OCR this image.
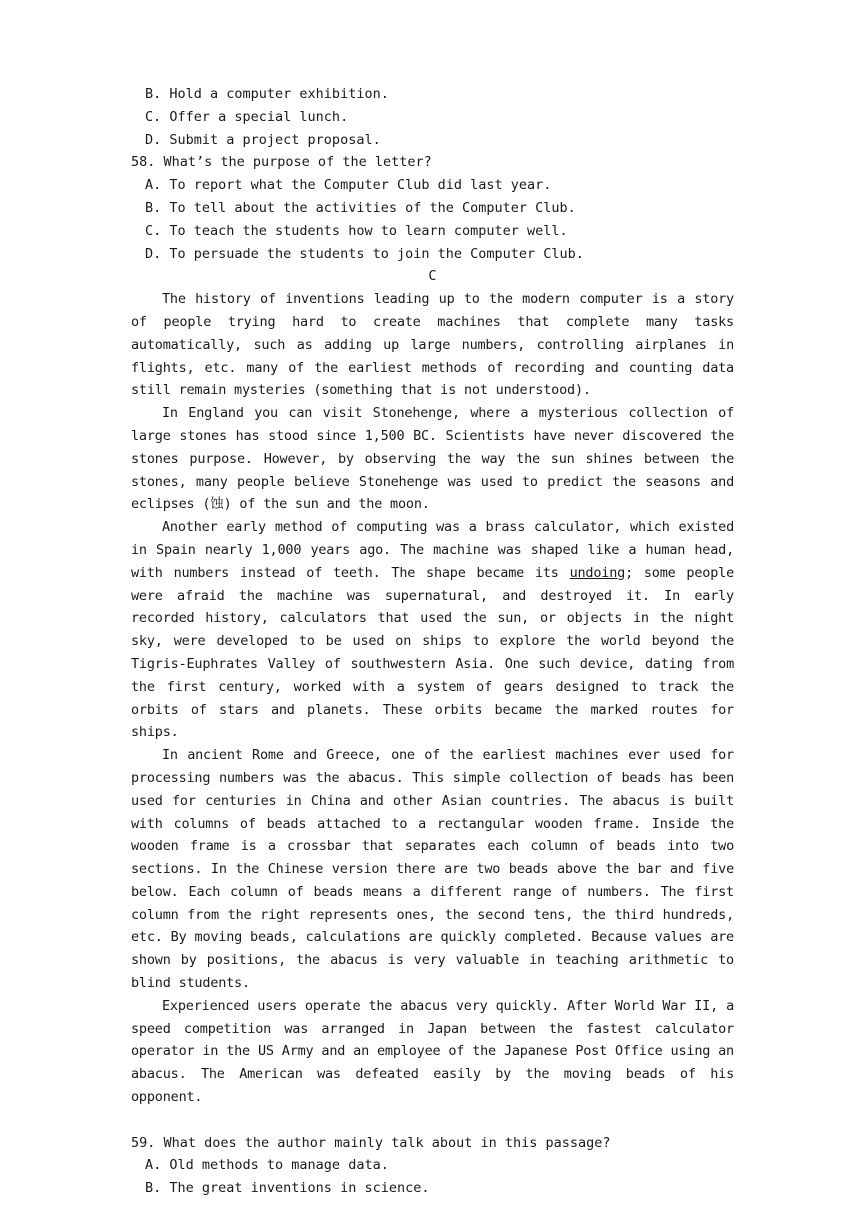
B. Hold a computer exhibition.
C. Offer a special lunch.
D. Submit a project proposal.
58. What’s the purpose of the letter?
A. To report what the Computer Club did last year.
B. To tell about the activities of the Computer Club.
C. To teach the students how to learn computer well.
D. To persuade the students to join the Computer Club.
C

The history of inventions leading up to the modern computer is a story of people trying hard to create machines that complete many tasks automatically, such as adding up large numbers, controlling airplanes in flights, etc. many of the earliest methods of recording and counting data still remain mysteries (something that is not understood).

In England you can visit Stonehenge, where a mysterious collection of large stones has stood since 1,500 BC. Scientists have never discovered the stones purpose. However, by observing the way the sun shines between the stones, many people believe Stonehenge was used to predict the seasons and eclipses (蚀) of the sun and the moon.

Another early method of computing was a brass calculator, which existed in Spain nearly 1,000 years ago. The machine was shaped like a human head, with numbers instead of teeth. The shape became its undoing; some people were afraid the machine was supernatural, and destroyed it. In early recorded history, calculators that used the sun, or objects in the night sky, were developed to be used on ships to explore the world beyond the Tigris-Euphrates Valley of southwestern Asia. One such device, dating from the first century, worked with a system of gears designed to track the orbits of stars and planets. These orbits became the marked routes for ships.

In ancient Rome and Greece, one of the earliest machines ever used for processing numbers was the abacus. This simple collection of beads has been used for centuries in China and other Asian countries. The abacus is built with columns of beads attached to a rectangular wooden frame. Inside the wooden frame is a crossbar that separates each column of beads into two sections. In the Chinese version there are two beads above the bar and five below. Each column of beads means a different range of numbers. The first column from the right represents ones, the second tens, the third hundreds, etc. By moving beads, calculations are quickly completed. Because values are shown by positions, the abacus is very valuable in teaching arithmetic to blind students.

Experienced users operate the abacus very quickly. After World War II, a speed competition was arranged in Japan between the fastest calculator operator in the US Army and an employee of the Japanese Post Office using an abacus. The American was defeated easily by the moving beads of his opponent.

59. What does the author mainly talk about in this passage?
A. Old methods to manage data.
B. The great inventions in science.
